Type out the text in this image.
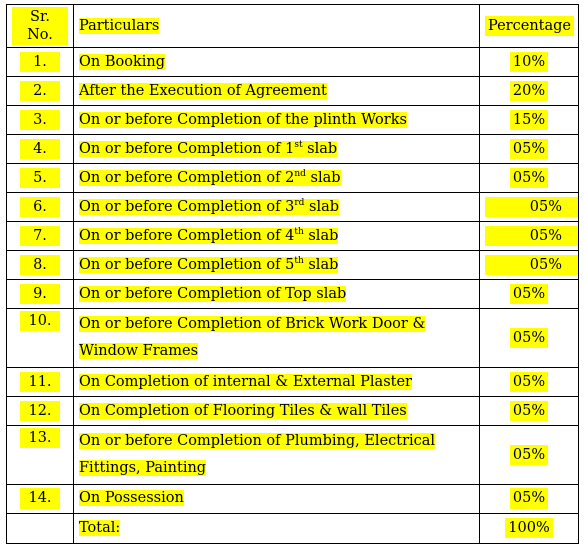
Sr. No.	Particulars	Percentage
1.	On Booking	10%
2.	After the Execution of Agreement	20%
3.	On or before Completion of the plinth Works	15%
4.	On or before Completion of 1st slab	05%
5.	On or before Completion of 2nd slab	05%
6.	On or before Completion of 3rd slab	05%
7.	On or before Completion of 4th slab	05%
8.	On or before Completion of 5th slab	05%
9.	On or before Completion of Top slab	05%
10.	On or before Completion of Brick Work Door & Window Frames	05%
11.	On Completion of internal & External Plaster	05%
12.	On Completion of Flooring Tiles & wall Tiles	05%
13.	On or before Completion of Plumbing, Electrical Fittings, Painting	05%
14.	On Possession	05%
	Total:	100%
